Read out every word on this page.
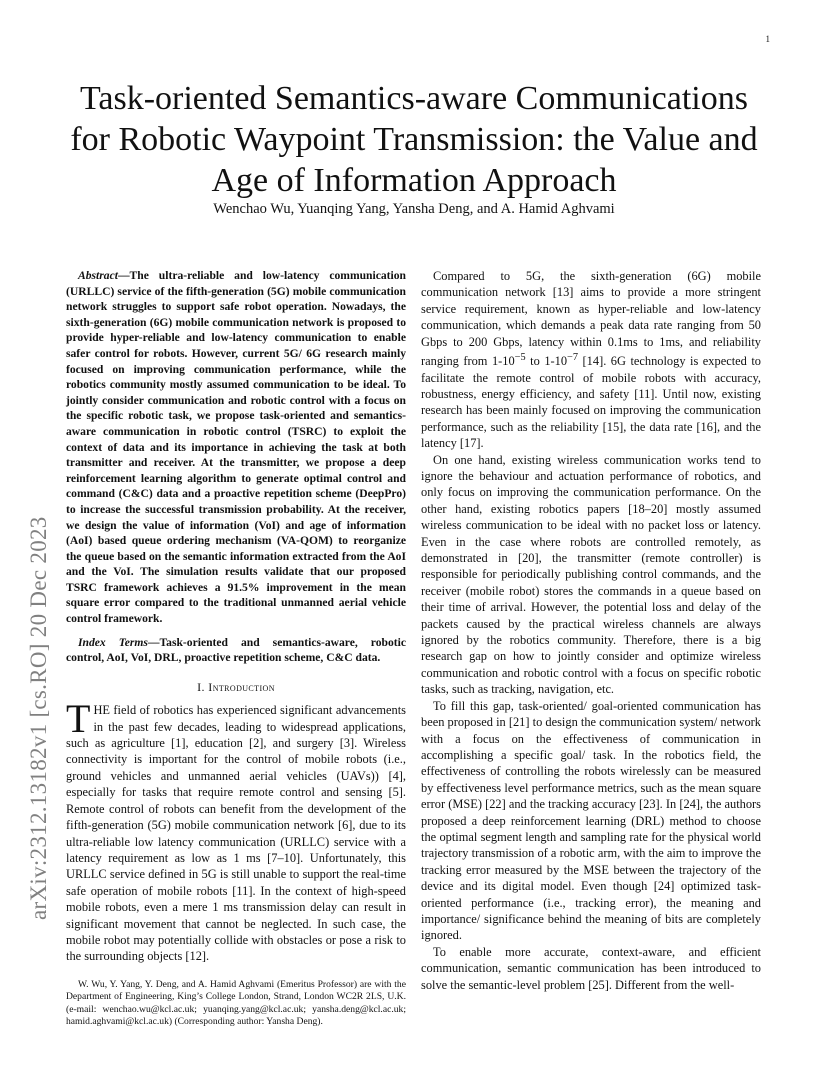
1
arXiv:2312.13182v1 [cs.RO] 20 Dec 2023
Task-oriented Semantics-aware Communications for Robotic Waypoint Transmission: the Value and Age of Information Approach
Wenchao Wu, Yuanqing Yang, Yansha Deng, and A. Hamid Aghvami

Abstract—The ultra-reliable and low-latency communication (URLLC) service of the fifth-generation (5G) mobile communication network struggles to support safe robot operation. Nowadays, the sixth-generation (6G) mobile communication network is proposed to provide hyper-reliable and low-latency communication to enable safer control for robots. However, current 5G/ 6G research mainly focused on improving communication performance, while the robotics community mostly assumed communication to be ideal. To jointly consider communication and robotic control with a focus on the specific robotic task, we propose task-oriented and semantics-aware communication in robotic control (TSRC) to exploit the context of data and its importance in achieving the task at both transmitter and receiver. At the transmitter, we propose a deep reinforcement learning algorithm to generate optimal control and command (C&C) data and a proactive repetition scheme (DeepPro) to increase the successful transmission probability. At the receiver, we design the value of information (VoI) and age of information (AoI) based queue ordering mechanism (VA-QOM) to reorganize the queue based on the semantic information extracted from the AoI and the VoI. The simulation results validate that our proposed TSRC framework achieves a 91.5% improvement in the mean square error compared to the traditional unmanned aerial vehicle control framework.

Index Terms—Task-oriented and semantics-aware, robotic control, AoI, VoI, DRL, proactive repetition scheme, C&C data.

I. Introduction

THE field of robotics has experienced significant advancements in the past few decades, leading to widespread applications, such as agriculture [1], education [2], and surgery [3]. Wireless connectivity is important for the control of mobile robots (i.e., ground vehicles and unmanned aerial vehicles (UAVs)) [4], especially for tasks that require remote control and sensing [5]. Remote control of robots can benefit from the development of the fifth-generation (5G) mobile communication network [6], due to its ultra-reliable low latency communication (URLLC) service with a latency requirement as low as 1 ms [7–10]. Unfortunately, this URLLC service defined in 5G is still unable to support the real-time safe operation of mobile robots [11]. In the context of high-speed mobile robots, even a mere 1 ms transmission delay can result in significant movement that cannot be neglected. In such case, the mobile robot may potentially collide with obstacles or pose a risk to the surrounding objects [12].

W. Wu, Y. Yang, Y. Deng, and A. Hamid Aghvami (Emeritus Professor) are with the Department of Engineering, King’s College London, Strand, London WC2R 2LS, U.K. (e-mail: wenchao.wu@kcl.ac.uk; yuanqing.yang@kcl.ac.uk; yansha.deng@kcl.ac.uk; hamid.aghvami@kcl.ac.uk) (Corresponding author: Yansha Deng).

Compared to 5G, the sixth-generation (6G) mobile communication network [13] aims to provide a more stringent service requirement, known as hyper-reliable and low-latency communication, which demands a peak data rate ranging from 50 Gbps to 200 Gbps, latency within 0.1ms to 1ms, and reliability ranging from $1-10^{-5}$ to $1-10^{-7}$ [14]. 6G technology is expected to facilitate the remote control of mobile robots with accuracy, robustness, energy efficiency, and safety [11]. Until now, existing research has been mainly focused on improving the communication performance, such as the reliability [15], the data rate [16], and the latency [17].

On one hand, existing wireless communication works tend to ignore the behaviour and actuation performance of robotics, and only focus on improving the communication performance. On the other hand, existing robotics papers [18–20] mostly assumed wireless communication to be ideal with no packet loss or latency. Even in the case where robots are controlled remotely, as demonstrated in [20], the transmitter (remote controller) is responsible for periodically publishing control commands, and the receiver (mobile robot) stores the commands in a queue based on their time of arrival. However, the potential loss and delay of the packets caused by the practical wireless channels are always ignored by the robotics community. Therefore, there is a big research gap on how to jointly consider and optimize wireless communication and robotic control with a focus on specific robotic tasks, such as tracking, navigation, etc.

To fill this gap, task-oriented/ goal-oriented communication has been proposed in [21] to design the communication system/ network with a focus on the effectiveness of communication in accomplishing a specific goal/ task. In the robotics field, the effectiveness of controlling the robots wirelessly can be measured by effectiveness level performance metrics, such as the mean square error (MSE) [22] and the tracking accuracy [23]. In [24], the authors proposed a deep reinforcement learning (DRL) method to choose the optimal segment length and sampling rate for the physical world trajectory transmission of a robotic arm, with the aim to improve the tracking error measured by the MSE between the trajectory of the device and its digital model. Even though [24] optimized task-oriented performance (i.e., tracking error), the meaning and importance/ significance behind the meaning of bits are completely ignored.

To enable more accurate, context-aware, and efficient communication, semantic communication has been introduced to solve the semantic-level problem [25]. Different from the well-
